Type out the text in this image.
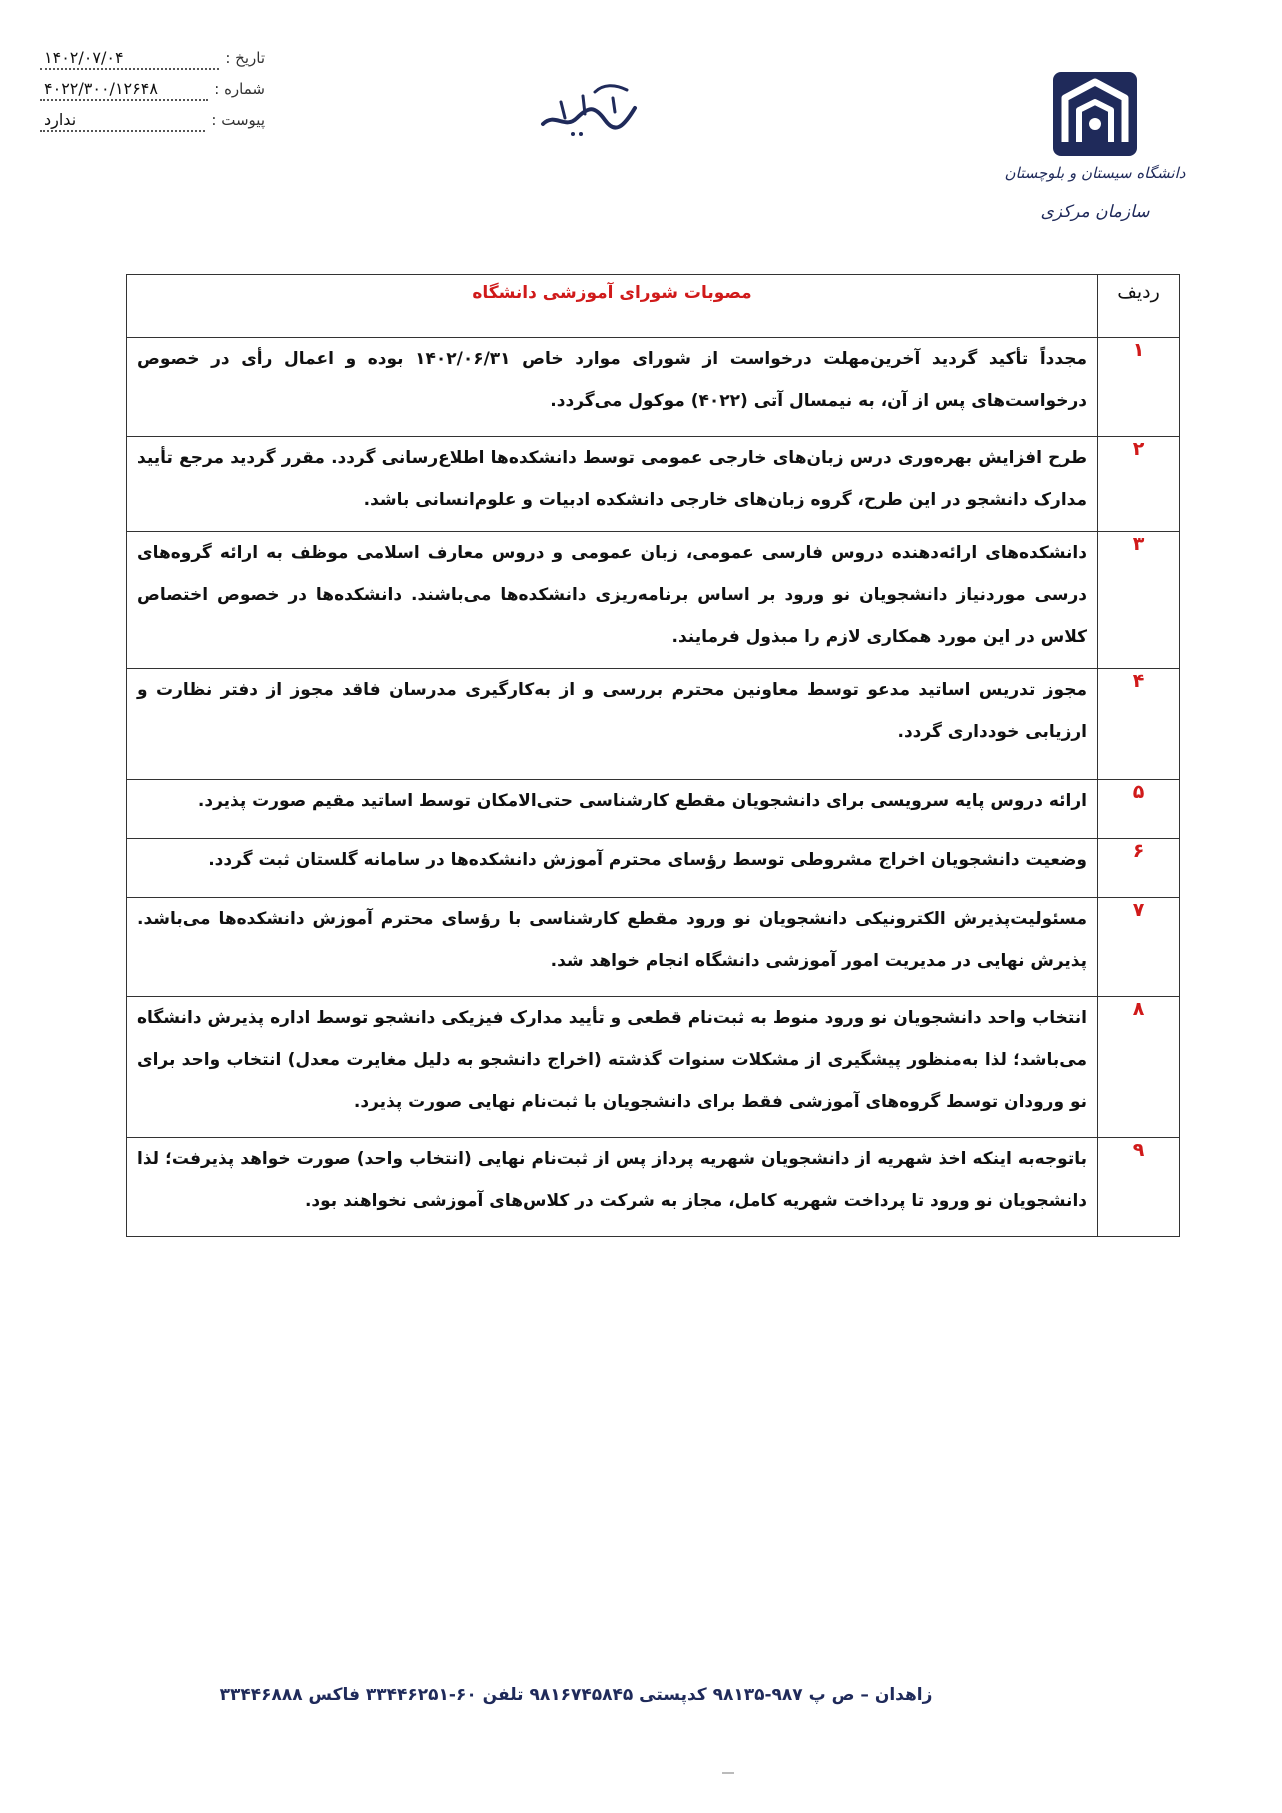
تاریخ :
۱۴۰۲/۰۷/۰۴
شماره :
۴۰۲۲/۳۰۰/۱۲۶۴۸
پیوست :
ندارد
دانشگاه سیستان و بلوچستان
سازمان مرکزی
ردیف	مصوبات شورای آموزشی دانشگاه
۱	مجدداً تأکید گردید آخرین‌مهلت درخواست از شورای موارد خاص ۱۴۰۲/۰۶/۳۱ بوده و اعمال رأی در خصوص درخواست‌های پس از آن، به نیمسال آتی (۴۰۲۲) موکول می‌گردد.
۲	طرح افزایش بهره‌وری درس زبان‌های خارجی عمومی توسط دانشکده‌ها اطلاع‌رسانی گردد. مقرر گردید مرجع تأیید مدارک دانشجو در این طرح، گروه زبان‌های خارجی دانشکده ادبیات و علوم‌انسانی باشد.
۳	دانشکده‌های ارائه‌دهنده دروس فارسی عمومی، زبان عمومی و دروس معارف اسلامی موظف به ارائه گروه‌های درسی موردنیاز دانشجویان نو ورود بر اساس برنامه‌ریزی دانشکده‌ها می‌باشند. دانشکده‌ها در خصوص اختصاص کلاس در این مورد همکاری لازم را مبذول فرمایند.
۴	مجوز تدریس اساتید مدعو توسط معاونین محترم بررسی و از به‌کارگیری مدرسان فاقد مجوز از دفتر نظارت و ارزیابی خودداری گردد.
۵	ارائه دروس پایه سرویسی برای دانشجویان مقطع کارشناسی حتی‌الامکان توسط اساتید مقیم صورت پذیرد.
۶	وضعیت دانشجویان اخراج مشروطی توسط رؤسای محترم آموزش دانشکده‌ها در سامانه گلستان ثبت گردد.
۷	مسئولیت‌پذیرش الکترونیکی دانشجویان نو ورود مقطع کارشناسی با رؤسای محترم آموزش دانشکده‌ها می‌باشد. پذیرش نهایی در مدیریت امور آموزشی دانشگاه انجام خواهد شد.
۸	انتخاب واحد دانشجویان نو ورود منوط به ثبت‌نام قطعی و تأیید مدارک فیزیکی دانشجو توسط اداره پذیرش دانشگاه می‌باشد؛ لذا به‌منظور پیشگیری از مشکلات سنوات گذشته (اخراج دانشجو به دلیل مغایرت معدل) انتخاب واحد برای نو ورودان توسط گروه‌های آموزشی فقط برای دانشجویان با ثبت‌نام نهایی صورت پذیرد.
۹	باتوجه‌به اینکه اخذ شهریه از دانشجویان شهریه پرداز پس از ثبت‌نام نهایی (انتخاب واحد) صورت خواهد پذیرفت؛ لذا دانشجویان نو ورود تا پرداخت شهریه کامل، مجاز به شرکت در کلاس‌های آموزشی نخواهند بود.
زاهدان – ص پ ۹۸۷-۹۸۱۳۵ کدپستی ۹۸۱۶۷۴۵۸۴۵ تلفن ۶۰-۳۳۴۴۶۲۵۱ فاکس ۳۳۴۴۶۸۸۸
